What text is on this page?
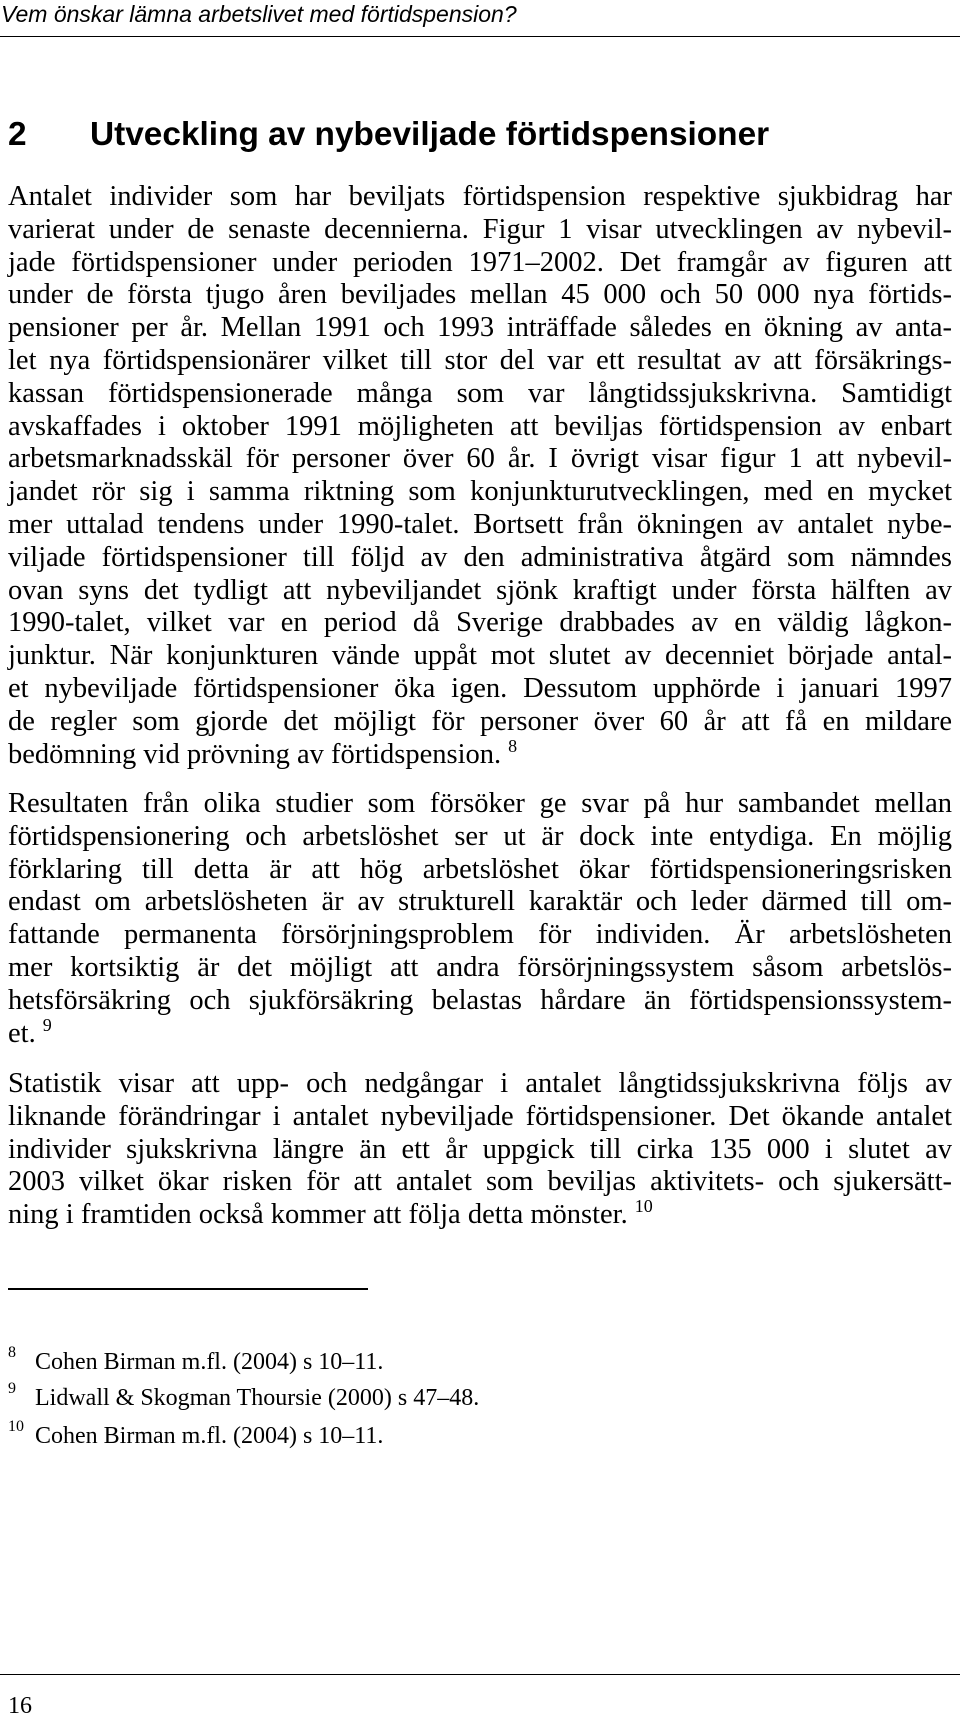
Vem önskar lämna arbetslivet med förtidspension?
2 Utveckling av nybeviljade förtidspensioner
Antalet individer som har beviljats förtidspension respektive sjukbidrag har
varierat under de senaste decennierna. Figur 1 visar utvecklingen av nybevil-
jade förtidspensioner under perioden 1971–2002. Det framgår av figuren att
under de första tjugo åren beviljades mellan 45 000 och 50 000 nya förtids-
pensioner per år. Mellan 1991 och 1993 inträffade således en ökning av anta-
let nya förtidspensionärer vilket till stor del var ett resultat av att försäkrings-
kassan förtidspensionerade många som var långtidssjukskrivna. Samtidigt
avskaffades i oktober 1991 möjligheten att beviljas förtidspension av enbart
arbetsmarknadsskäl för personer över 60 år. I övrigt visar figur 1 att nybevil-
jandet rör sig i samma riktning som konjunkturutvecklingen, med en mycket
mer uttalad tendens under 1990-talet. Bortsett från ökningen av antalet nybe-
viljade förtidspensioner till följd av den administrativa åtgärd som nämndes
ovan syns det tydligt att nybeviljandet sjönk kraftigt under första hälften av
1990-talet, vilket var en period då Sverige drabbades av en väldig lågkon-
junktur. När konjunkturen vände uppåt mot slutet av decenniet började antal-
et nybeviljade förtidspensioner öka igen. Dessutom upphörde i januari 1997
de regler som gjorde det möjligt för personer över 60 år att få en mildare
bedömning vid prövning av förtidspension. $^8$
Resultaten från olika studier som försöker ge svar på hur sambandet mellan
förtidspensionering och arbetslöshet ser ut är dock inte entydiga. En möjlig
förklaring till detta är att hög arbetslöshet ökar förtidspensioneringsrisken
endast om arbetslösheten är av strukturell karaktär och leder därmed till om-
fattande permanenta försörjningsproblem för individen. Är arbetslösheten
mer kortsiktig är det möjligt att andra försörjningssystem såsom arbetslös-
hetsförsäkring och sjukförsäkring belastas hårdare än förtidspensionssystem-
et. $^9$
Statistik visar att upp- och nedgångar i antalet långtidssjukskrivna följs av
liknande förändringar i antalet nybeviljade förtidspensioner. Det ökande antalet
individer sjukskrivna längre än ett år uppgick till cirka 135 000 i slutet av
2003 vilket ökar risken för att antalet som beviljas aktivitets- och sjukersätt-
ning i framtiden också kommer att följa detta mönster. $^{10}$
8 Cohen Birman m.fl. (2004) s 10–11.
9 Lidwall & Skogman Thoursie (2000) s 47–48.
10 Cohen Birman m.fl. (2004) s 10–11.
16
